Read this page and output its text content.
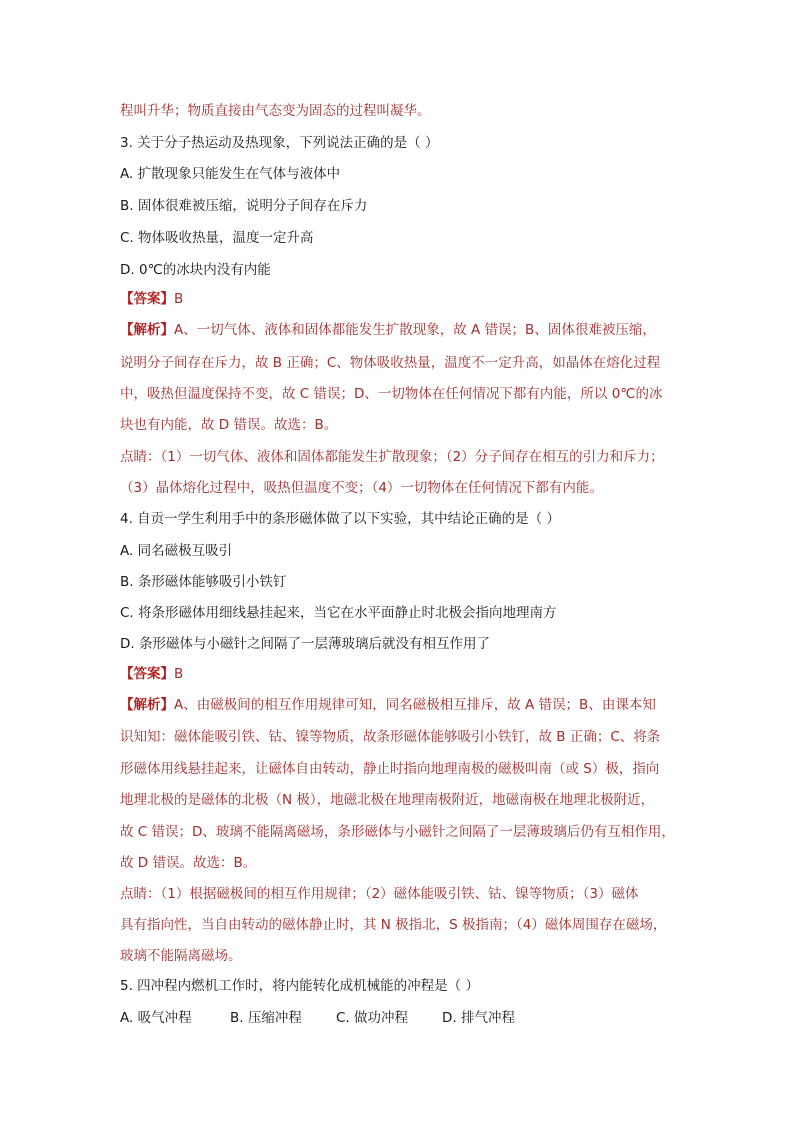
程叫升华；物质直接由气态变为固态的过程叫凝华。
3. 关于分子热运动及热现象，下列说法正确的是（ ）
A. 扩散现象只能发生在气体与液体中
B. 固体很难被压缩，说明分子间存在斥力
C. 物体吸收热量，温度一定升高
D. 0℃的冰块内没有内能
【答案】B
【解析】A、一切气体、液体和固体都能发生扩散现象，故 A 错误；B、固体很难被压缩，
说明分子间存在斥力，故 B 正确；C、物体吸收热量，温度不一定升高，如晶体在熔化过程
中，吸热但温度保持不变，故 C 错误；D、一切物体在任何情况下都有内能，所以 0℃的冰
块也有内能，故 D 错误。故选：B。
点睛：（1）一切气体、液体和固体都能发生扩散现象；（2）分子间存在相互的引力和斥力；
（3）晶体熔化过程中，吸热但温度不变；（4）一切物体在任何情况下都有内能。
4. 自贡一学生利用手中的条形磁体做了以下实验，其中结论正确的是（ ）
A. 同名磁极互吸引
B. 条形磁体能够吸引小铁钉
C. 将条形磁体用细线悬挂起来，当它在水平面静止时北极会指向地理南方
D. 条形磁体与小磁针之间隔了一层薄玻璃后就没有相互作用了
【答案】B
【解析】A、由磁极间的相互作用规律可知，同名磁极相互排斥，故 A 错误；B、由课本知
识知知：磁体能吸引铁、钴、镍等物质，故条形磁体能够吸引小铁钉，故 B 正确；C、将条
形磁体用线悬挂起来，让磁体自由转动，静止时指向地理南极的磁极叫南（或 S）极，指向
地理北极的是磁体的北极（N 极），地磁北极在地理南极附近，地磁南极在地理北极附近，
故 C 错误；D、玻璃不能隔离磁场，条形磁体与小磁针之间隔了一层薄玻璃后仍有互相作用，
故 D 错误。故选：B。
点睛：（1）根据磁极间的相互作用规律；（2）磁体能吸引铁、钴、镍等物质；（3）磁体
具有指向性，当自由转动的磁体静止时，其 N 极指北，S 极指南；（4）磁体周围存在磁场，
玻璃不能隔离磁场。
5. 四冲程内燃机工作时，将内能转化成机械能的冲程是（ ）
A. 吸气冲程	B. 压缩冲程	C. 做功冲程	D. 排气冲程
